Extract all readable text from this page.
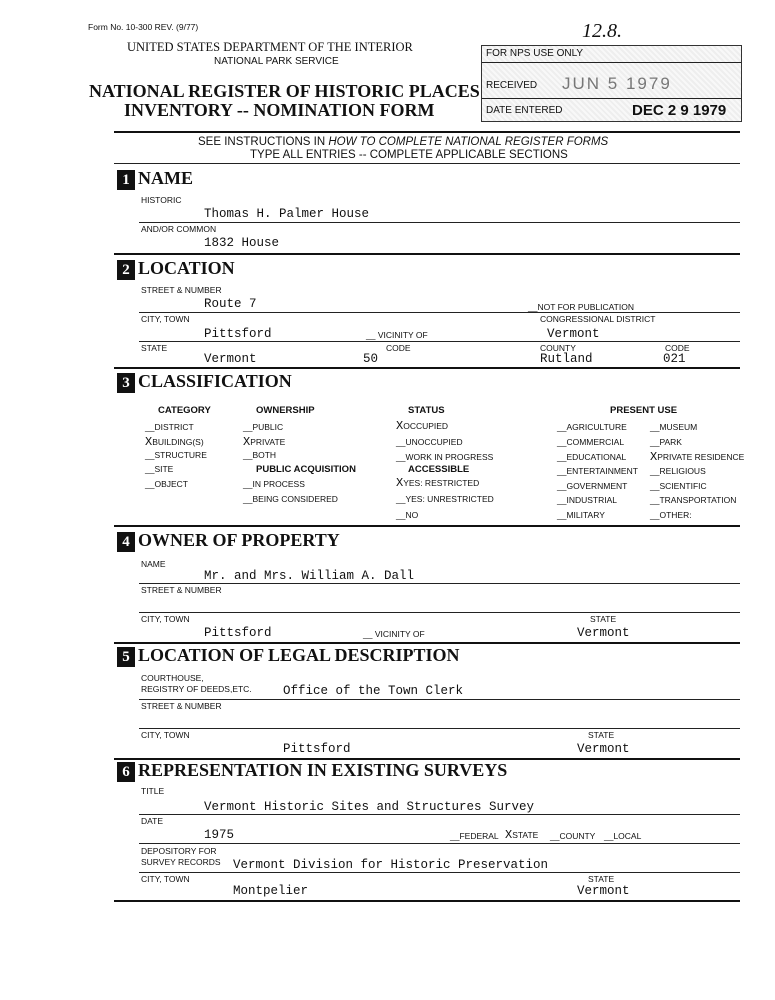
Form No. 10-300 REV. (9/77)	12.8.
UNITED STATES DEPARTMENT OF THE INTERIOR
NATIONAL PARK SERVICE
NATIONAL REGISTER OF HISTORIC PLACES
INVENTORY -- NOMINATION FORM
FOR NPS USE ONLY
RECEIVED JUN 5 1979
DATE ENTERED	DEC 2 9 1979
SEE INSTRUCTIONS IN HOW TO COMPLETE NATIONAL REGISTER FORMS
TYPE ALL ENTRIES -- COMPLETE APPLICABLE SECTIONS
1 NAME
HISTORIC
Thomas H. Palmer House
AND/OR COMMON
1832 House
2 LOCATION
STREET & NUMBER
Route 7	__NOT FOR PUBLICATION
CITY, TOWN	CONGRESSIONAL DISTRICT
Pittsford	__ VICINITY OF	Vermont
STATE	CODE	COUNTY	CODE
Vermont	50	Rutland	021
3 CLASSIFICATION
CATEGORY	OWNERSHIP	STATUS	PRESENT USE
PUBLIC ACQUISITION	ACCESSIBLE
__DISTRICT
XBUILDING(S)
__STRUCTURE
__SITE
__OBJECT
__PUBLIC
XPRIVATE
__BOTH
__IN PROCESS
__BEING CONSIDERED
XOCCUPIED
__UNOCCUPIED
__WORK IN PROGRESS
XYES: RESTRICTED
__YES: UNRESTRICTED
__NO
__AGRICULTURE
__COMMERCIAL
__EDUCATIONAL
__ENTERTAINMENT
__GOVERNMENT
__INDUSTRIAL
__MILITARY
__MUSEUM
__PARK
XPRIVATE RESIDENCE
__RELIGIOUS
__SCIENTIFIC
__TRANSPORTATION
__OTHER:
4 OWNER OF PROPERTY
NAME
Mr. and Mrs. William A. Dall
STREET & NUMBER
CITY, TOWN	STATE
Pittsford	__ VICINITY OF	Vermont
5 LOCATION OF LEGAL DESCRIPTION
COURTHOUSE,
REGISTRY OF DEEDS,ETC.	Office of the Town Clerk
STREET & NUMBER
CITY, TOWN	STATE
Pittsford	Vermont
6 REPRESENTATION IN EXISTING SURVEYS
TITLE
Vermont Historic Sites and Structures Survey
DATE
1975	__FEDERAL XSTATE __COUNTY __LOCAL
DEPOSITORY FOR
SURVEY RECORDS Vermont Division for Historic Preservation
CITY, TOWN	STATE
Montpelier	Vermont
